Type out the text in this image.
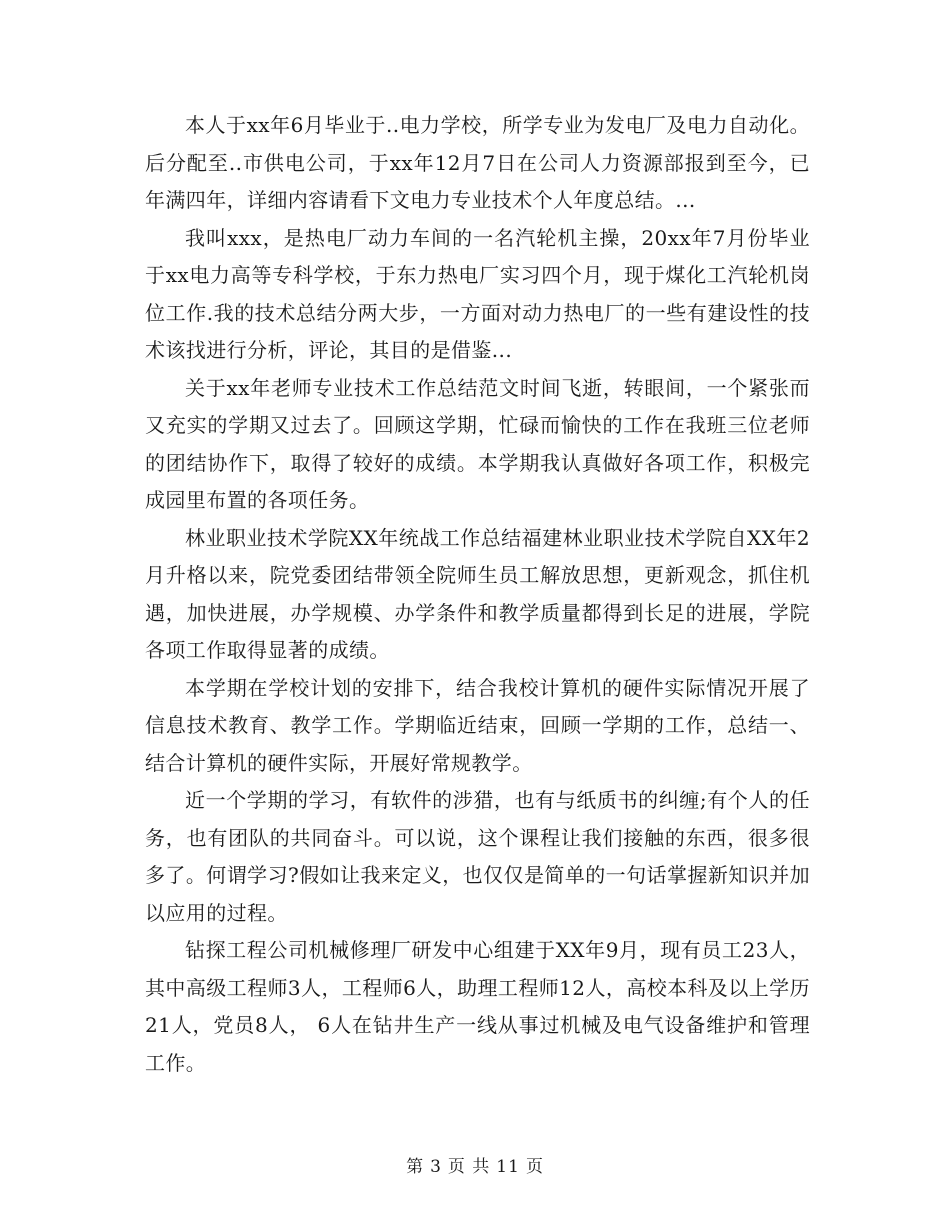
本人于xx年6月毕业于..电力学校，所学专业为发电厂及电力自动化。后分配至..市供电公司，于xx年12月7日在公司人力资源部报到至今，已年满四年，详细内容请看下文电力专业技术个人年度总结。...

我叫xxx，是热电厂动力车间的一名汽轮机主操，20xx年7月份毕业于xx电力高等专科学校，于东力热电厂实习四个月，现于煤化工汽轮机岗位工作.我的技术总结分两大步，一方面对动力热电厂的一些有建设性的技术该找进行分析，评论，其目的是借鉴...

关于xx年老师专业技术工作总结范文时间飞逝，转眼间，一个紧张而又充实的学期又过去了。回顾这学期，忙碌而愉快的工作在我班三位老师的团结协作下，取得了较好的成绩。本学期我认真做好各项工作，积极完成园里布置的各项任务。

林业职业技术学院XX年统战工作总结福建林业职业技术学院自XX年2月升格以来，院党委团结带领全院师生员工解放思想，更新观念，抓住机遇，加快进展，办学规模、办学条件和教学质量都得到长足的进展，学院各项工作取得显著的成绩。

本学期在学校计划的安排下，结合我校计算机的硬件实际情况开展了信息技术教育、教学工作。学期临近结束，回顾一学期的工作，总结一、结合计算机的硬件实际，开展好常规教学。

近一个学期的学习，有软件的涉猎，也有与纸质书的纠缠;有个人的任务，也有团队的共同奋斗。可以说，这个课程让我们接触的东西，很多很多了。何谓学习?假如让我来定义，也仅仅是简单的一句话掌握新知识并加以应用的过程。

钻探工程公司机械修理厂研发中心组建于XX年9月，现有员工23人，其中高级工程师3人，工程师6人，助理工程师12人，高校本科及以上学历21人，党员8人， 6人在钻井生产一线从事过机械及电气设备维护和管理工作。

第 3 页 共 11 页
